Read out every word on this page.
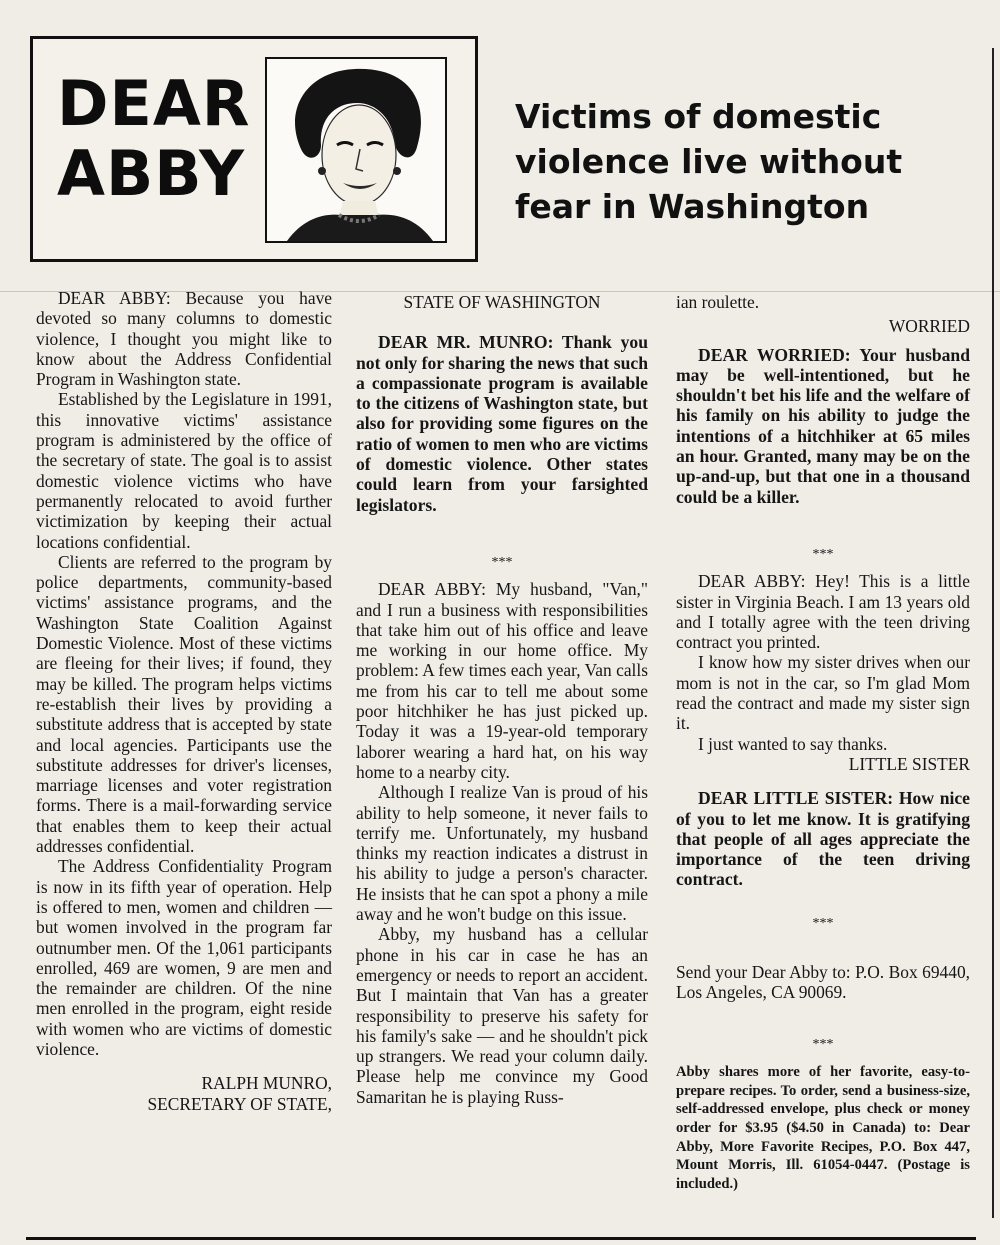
DEAR
ABBY
Victims of domestic violence live without fear in Washington

DEAR ABBY: Because you have devoted so many columns to domestic violence, I thought you might like to know about the Address Confidential Program in Washington state.

Established by the Legislature in 1991, this innovative victims' assistance program is administered by the office of the secretary of state. The goal is to assist domestic violence victims who have permanently relocated to avoid further victimization by keeping their actual locations confidential.

Clients are referred to the program by police departments, community-based victims' assistance programs, and the Washington State Coalition Against Domestic Violence. Most of these victims are fleeing for their lives; if found, they may be killed. The program helps victims re-establish their lives by providing a substitute address that is accepted by state and local agencies. Participants use the substitute addresses for driver's licenses, marriage licenses and voter registration forms. There is a mail-forwarding service that enables them to keep their actual addresses confidential.

The Address Confidentiality Program is now in its fifth year of operation. Help is offered to men, women and children — but women involved in the program far outnumber men. Of the 1,061 participants enrolled, 469 are women, 9 are men and the remainder are children. Of the nine men enrolled in the program, eight reside with women who are victims of domestic violence.

RALPH MUNRO,

SECRETARY OF STATE,

STATE OF WASHINGTON

DEAR MR. MUNRO: Thank you not only for sharing the news that such a compassionate program is available to the citizens of Washington state, but also for providing some figures on the ratio of women to men who are victims of domestic violence. Other states could learn from your farsighted legislators.

***

DEAR ABBY: My husband, "Van," and I run a business with responsibilities that take him out of his office and leave me working in our home office. My problem: A few times each year, Van calls me from his car to tell me about some poor hitchhiker he has just picked up. Today it was a 19-year-old temporary laborer wearing a hard hat, on his way home to a nearby city.

Although I realize Van is proud of his ability to help someone, it never fails to terrify me. Unfortunately, my husband thinks my reaction indicates a distrust in his ability to judge a person's character. He insists that he can spot a phony a mile away and he won't budge on this issue.

Abby, my husband has a cellular phone in his car in case he has an emergency or needs to report an accident. But I maintain that Van has a greater responsibility to preserve his safety for his family's sake — and he shouldn't pick up strangers. We read your column daily. Please help me convince my Good Samaritan he is playing Russ-

ian roulette.

WORRIED

DEAR WORRIED: Your husband may be well-intentioned, but he shouldn't bet his life and the welfare of his family on his ability to judge the intentions of a hitchhiker at 65 miles an hour. Granted, many may be on the up-and-up, but that one in a thousand could be a killer.

***

DEAR ABBY: Hey! This is a little sister in Virginia Beach. I am 13 years old and I totally agree with the teen driving contract you printed.

I know how my sister drives when our mom is not in the car, so I'm glad Mom read the contract and made my sister sign it.

I just wanted to say thanks.

LITTLE SISTER

DEAR LITTLE SISTER: How nice of you to let me know. It is gratifying that people of all ages appreciate the importance of the teen driving contract.

***

Send your Dear Abby to: P.O. Box 69440, Los Angeles, CA 90069.

***

Abby shares more of her favorite, easy-to-prepare recipes. To order, send a business-size, self-addressed envelope, plus check or money order for $3.95 ($4.50 in Canada) to: Dear Abby, More Favorite Recipes, P.O. Box 447, Mount Morris, Ill. 61054-0447. (Postage is included.)
